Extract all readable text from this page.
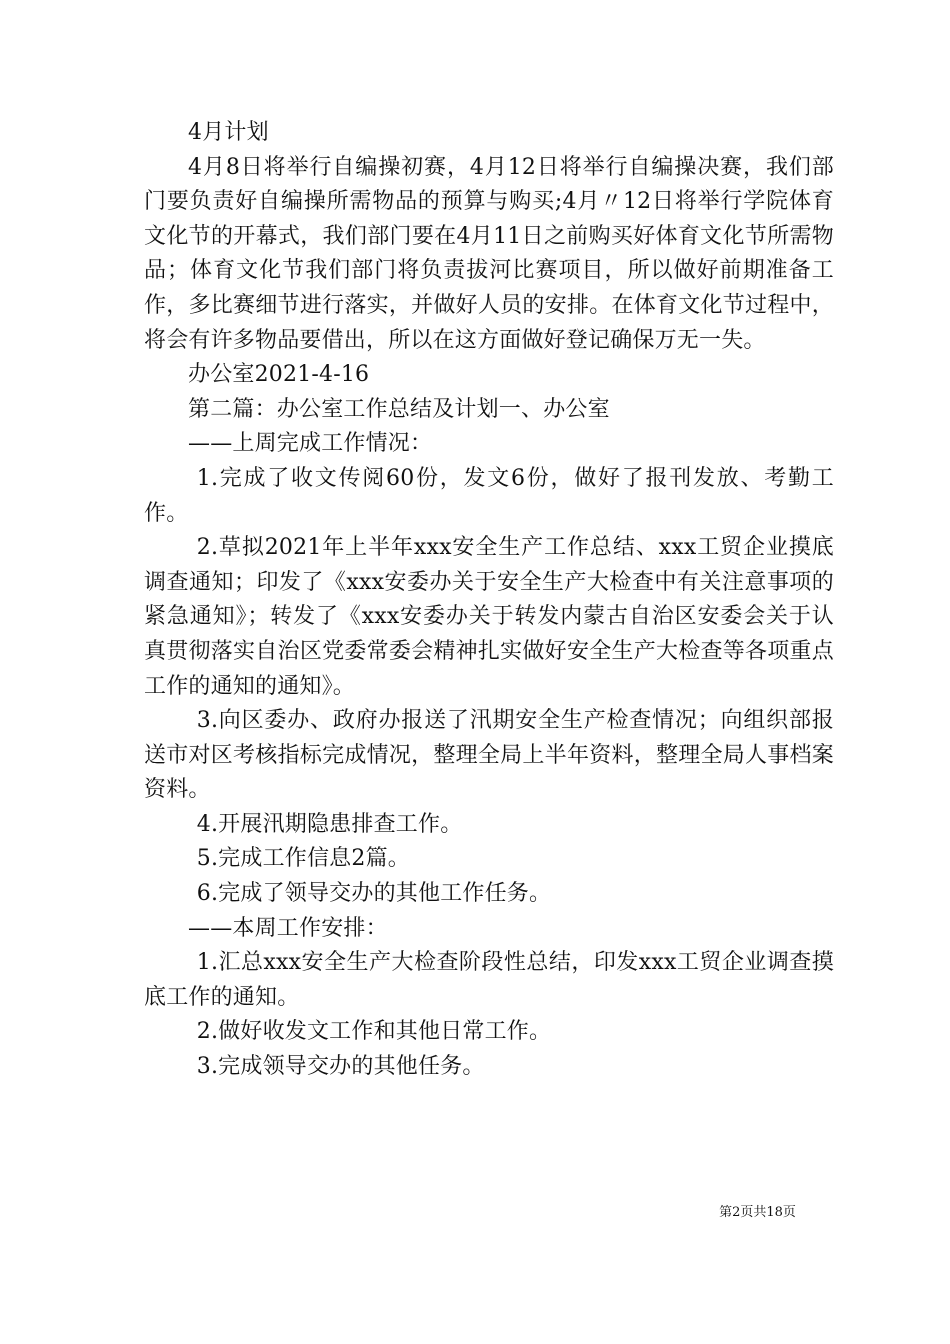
4月计划

4月8日将举行自编操初赛，4月12日将举行自编操决赛，我们部门要负责好自编操所需物品的预算与购买;4月〃12日将举行学院体育文化节的开幕式，我们部门要在4月11日之前购买好体育文化节所需物品；体育文化节我们部门将负责拔河比赛项目，所以做好前期准备工作，多比赛细节进行落实，并做好人员的安排。在体育文化节过程中，将会有许多物品要借出，所以在这方面做好登记确保万无一失。

办公室2021-4-16

第二篇：办公室工作总结及计划一、办公室

——上周完成工作情况：

1.完成了收文传阅60份，发文6份，做好了报刊发放、考勤工作。

2.草拟2021年上半年xxx安全生产工作总结、xxx工贸企业摸底调查通知；印发了《xxx安委办关于安全生产大检查中有关注意事项的紧急通知》；转发了《xxx安委办关于转发内蒙古自治区安委会关于认真贯彻落实自治区党委常委会精神扎实做好安全生产大检查等各项重点工作的通知的通知》。

3.向区委办、政府办报送了汛期安全生产检查情况；向组织部报送市对区考核指标完成情况，整理全局上半年资料，整理全局人事档案资料。

4.开展汛期隐患排查工作。

5.完成工作信息2篇。

6.完成了领导交办的其他工作任务。

——本周工作安排：

1.汇总xxx安全生产大检查阶段性总结，印发xxx工贸企业调查摸底工作的通知。

2.做好收发文工作和其他日常工作。

3.完成领导交办的其他任务。

第2页共18页
